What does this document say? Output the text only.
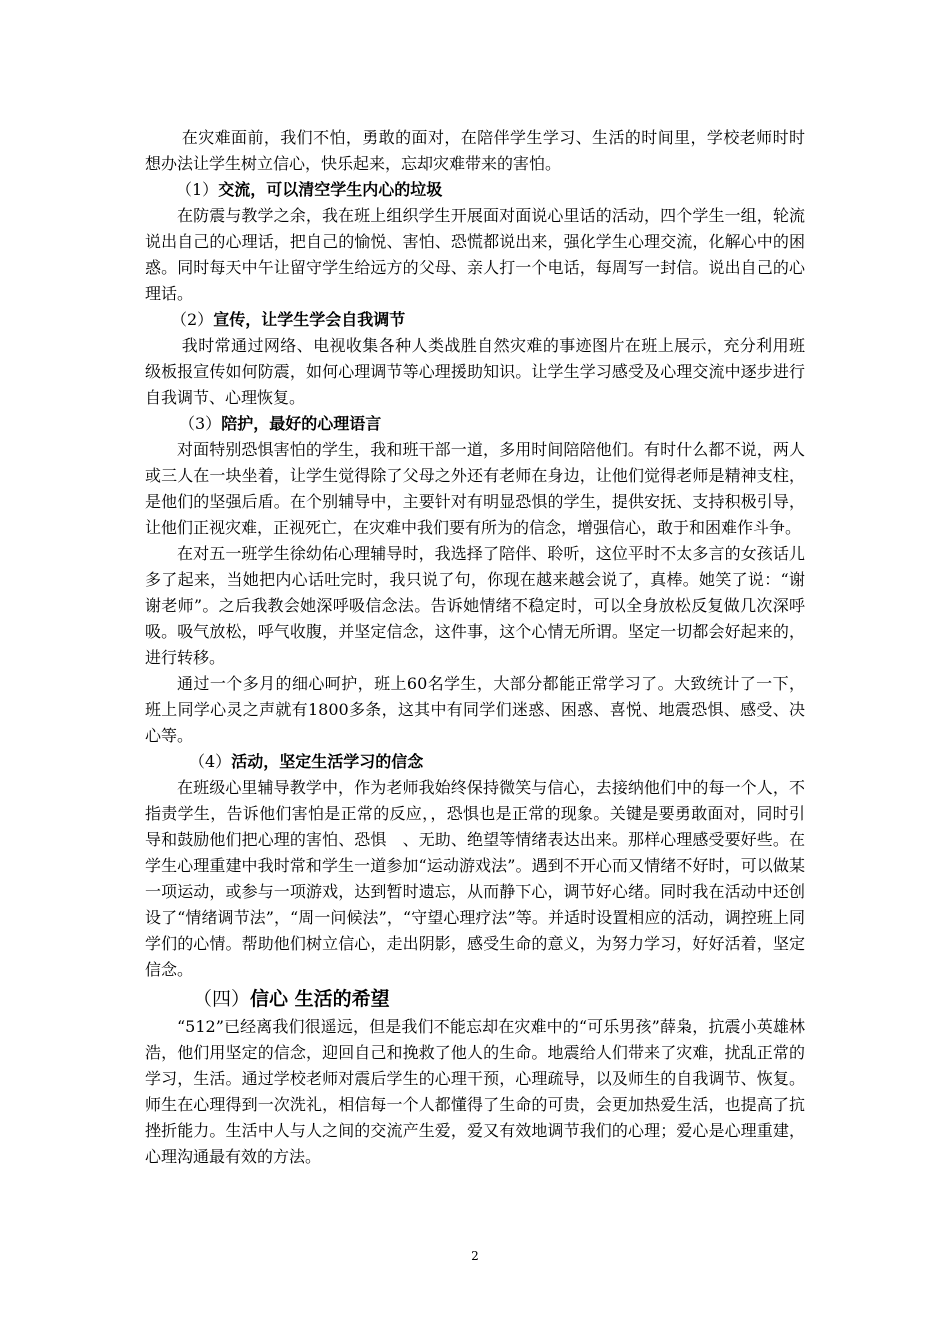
在灾难面前，我们不怕，勇敢的面对，在陪伴学生学习、生活的时间里，学校老师时时想办法让学生树立信心，快乐起来，忘却灾难带来的害怕。

（1）交流，可以清空学生内心的垃圾

在防震与教学之余，我在班上组织学生开展面对面说心里话的活动，四个学生一组，轮流说出自己的心理话，把自己的愉悦、害怕、恐慌都说出来，强化学生心理交流，化解心中的困惑。同时每天中午让留守学生给远方的父母、亲人打一个电话，每周写一封信。说出自己的心理话。

（2）宣传，让学生学会自我调节

我时常通过网络、电视收集各种人类战胜自然灾难的事迹图片在班上展示，充分利用班级板报宣传如何防震，如何心理调节等心理援助知识。让学生学习感受及心理交流中逐步进行自我调节、心理恢复。

（3）陪护，最好的心理语言

对面特别恐惧害怕的学生，我和班干部一道，多用时间陪陪他们。有时什么都不说，两人或三人在一块坐着，让学生觉得除了父母之外还有老师在身边，让他们觉得老师是精神支柱，是他们的坚强后盾。在个别辅导中，主要针对有明显恐惧的学生，提供安抚、支持积极引导，让他们正视灾难，正视死亡，在灾难中我们要有所为的信念，增强信心，敢于和困难作斗争。

在对五一班学生徐幼佑心理辅导时，我选择了陪伴、聆听，这位平时不太多言的女孩话儿多了起来，当她把内心话吐完时，我只说了句，你现在越来越会说了，真棒。她笑了说：“谢谢老师”。之后我教会她深呼吸信念法。告诉她情绪不稳定时，可以全身放松反复做几次深呼吸。吸气放松，呼气收腹，并坚定信念，这件事，这个心情无所谓。坚定一切都会好起来的，进行转移。

通过一个多月的细心呵护，班上60名学生，大部分都能正常学习了。大致统计了一下，班上同学心灵之声就有1800多条，这其中有同学们迷惑、困惑、喜悦、地震恐惧、感受、决心等。

（4）活动，坚定生活学习的信念

在班级心里辅导教学中，作为老师我始终保持微笑与信心，去接纳他们中的每一个人，不指责学生，告诉他们害怕是正常的反应，，恐惧也是正常的现象。关键是要勇敢面对，同时引导和鼓励他们把心理的害怕、恐惧　、无助、绝望等情绪表达出来。那样心理感受要好些。在学生心理重建中我时常和学生一道参加“运动游戏法”。遇到不开心而又情绪不好时，可以做某一项运动，或参与一项游戏，达到暂时遗忘，从而静下心，调节好心绪。同时我在活动中还创设了“情绪调节法”，“周一问候法”，“守望心理疗法”等。并适时设置相应的活动，调控班上同学们的心情。帮助他们树立信心，走出阴影，感受生命的意义，为努力学习，好好活着，坚定信念。

（四）信心 生活的希望

“512”已经离我们很遥远，但是我们不能忘却在灾难中的“可乐男孩”薛枭，抗震小英雄林浩，他们用坚定的信念，迎回自己和挽救了他人的生命。地震给人们带来了灾难，扰乱正常的学习，生活。通过学校老师对震后学生的心理干预，心理疏导，以及师生的自我调节、恢复。师生在心理得到一次洗礼，相信每一个人都懂得了生命的可贵，会更加热爱生活，也提高了抗挫折能力。生活中人与人之间的交流产生爱，爱又有效地调节我们的心理；爱心是心理重建，心理沟通最有效的方法。

2
